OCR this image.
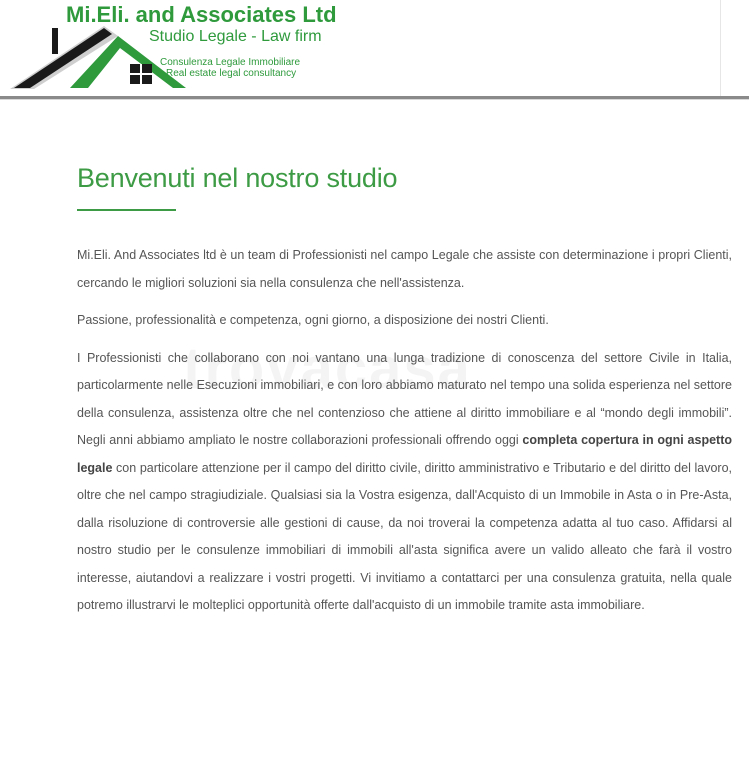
Mi.Eli. and Associates Ltd
Studio Legale - Law firm
Consulenza Legale Immobiliare
Real estate legal consultancy
Benvenuti nel nostro studio

Mi.Eli. And Associates ltd è un team di Professionisti nel campo Legale che assiste con determinazione i propri Clienti, cercando le migliori soluzioni sia nella consulenza che nell'assistenza.

Passione, professionalità e competenza, ogni giorno, a disposizione dei nostri Clienti.

I Professionisti che collaborano con noi vantano una lunga tradizione di conoscenza del settore Civile in Italia, particolarmente nelle Esecuzioni immobiliari, e con loro abbiamo maturato nel tempo una solida esperienza nel settore della consulenza, assistenza oltre che nel contenzioso che attiene al diritto immobiliare e al “mondo degli immobili”. Negli anni abbiamo ampliato le nostre collaborazioni professionali offrendo oggi completa copertura in ogni aspetto legale con particolare attenzione per il campo del diritto civile, diritto amministrativo e Tributario e del diritto del lavoro, oltre che nel campo stragiudiziale. Qualsiasi sia la Vostra esigenza, dall'Acquisto di un Immobile in Asta o in Pre-Asta, dalla risoluzione di controversie alle gestioni di cause, da noi troverai la competenza adatta al tuo caso. Affidarsi al nostro studio per le consulenze immobiliari di immobili all'asta significa avere un valido alleato che farà il vostro interesse, aiutandovi a realizzare i vostri progetti. Vi invitiamo a contattarci per una consulenza gratuita, nella quale potremo illustrarvi le molteplici opportunità offerte dall'acquisto di un immobile tramite asta immobiliare.
